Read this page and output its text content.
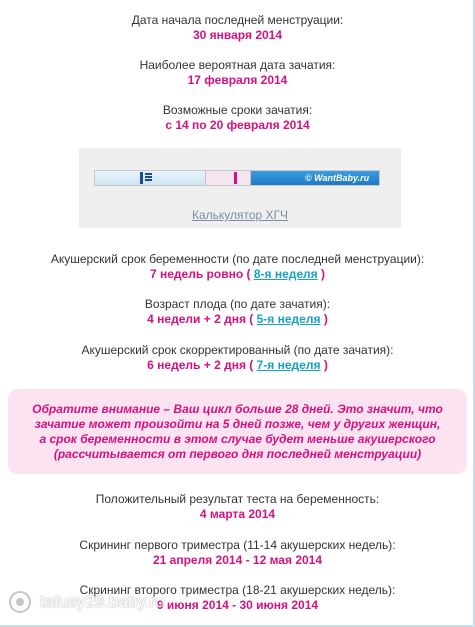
Дата начала последней менструации:
30 января 2014
Наиболее вероятная дата зачатия:
17 февраля 2014
Возможные сроки зачатия:
с 14 по 20 февраля 2014
© WantBaby.ru
Калькулятор ХГЧ
Акушерский срок беременности (по дате последней менструации):
7 недель ровно ( 8-я неделя )
Возраст плода (по дате зачатия):
4 недели + 2 дня ( 5-я неделя )
Акушерский срок скорректированный (по дате зачатия):
6 недель + 2 дня ( 7-я неделя )
Обратите внимание – Ваш цикл больше 28 дней. Это значит, что зачатие может произойти на 5 дней позже, чем у других женщин, а срок беременности в этом случае будет меньше акушерского (рассчитывается от первого дня последней менструации)
Положительный результат теста на беременность:
4 марта 2014
Скрининг первого триместра (11-14 акушерских недель):
21 апреля 2014 - 12 мая 2014
Скрининг второго триместра (18-21 акушерских недель):
9 июня 2014 - 30 июня 2014
tatusy29.baby.ru
